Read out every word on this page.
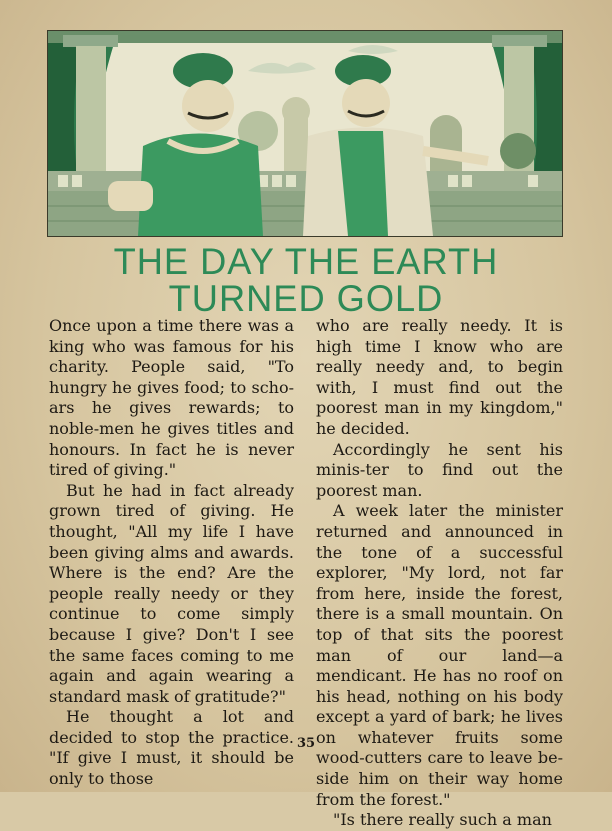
THE DAY THE EARTH
TURNED GOLD

Once upon a time there was a king who was famous for his charity. People said, "To hungry he gives food; to scho-ars he gives rewards; to noble-men he gives titles and honours. In fact he is never tired of giving."

But he had in fact already grown tired of giving. He thought, "All my life I have been giving alms and awards. Where is the end? Are the people really needy or they continue to come simply because I give? Don't I see the same faces coming to me again and again wearing a standard mask of gratitude?"

He thought a lot and decided to stop the practice. "If give I must, it should be only to those

who are really needy. It is high time I know who are really needy and, to begin with, I must find out the poorest man in my kingdom," he decided.

Accordingly he sent his minis-ter to find out the poorest man.

A week later the minister returned and announced in the tone of a successful explorer, "My lord, not far from here, inside the forest, there is a small mountain. On top of that sits the poorest man of our land—a mendicant. He has no roof on his head, nothing on his body except a yard of bark; he lives on whatever fruits some wood-cutters care to leave be-side him on their way home from the forest."

"Is there really such a man

35
